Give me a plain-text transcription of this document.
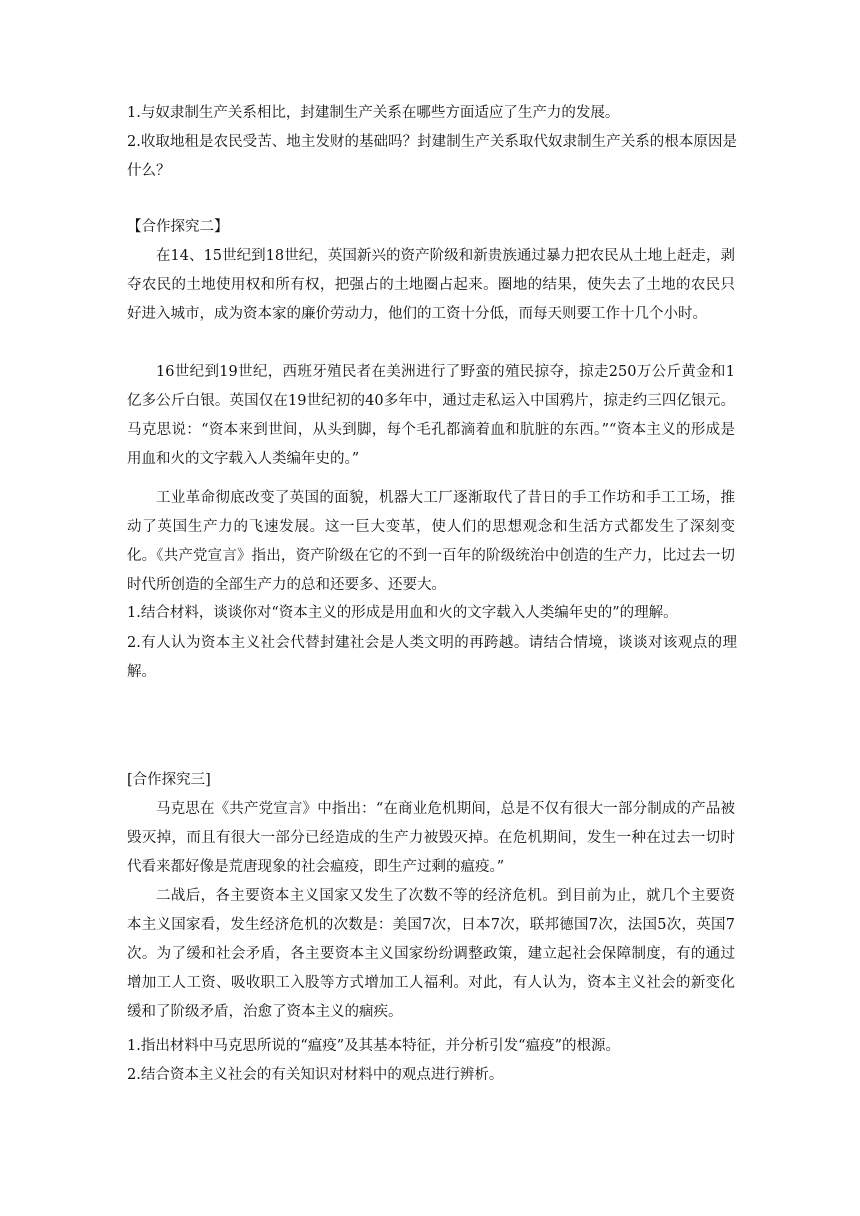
1.与奴隶制生产关系相比，封建制生产关系在哪些方面适应了生产力的发展。
2.收取地租是农民受苦、地主发财的基础吗？封建制生产关系取代奴隶制生产关系的根本原因是什么？
【合作探究二】
在14、15世纪到18世纪，英国新兴的资产阶级和新贵族通过暴力把农民从土地上赶走，剥夺农民的土地使用权和所有权，把强占的土地圈占起来。圈地的结果，使失去了土地的农民只好进入城市，成为资本家的廉价劳动力，他们的工资十分低，而每天则要工作十几个小时。
16世纪到19世纪，西班牙殖民者在美洲进行了野蛮的殖民掠夺，掠走250万公斤黄金和1亿多公斤白银。英国仅在19世纪初的40多年中，通过走私运入中国鸦片，掠走约三四亿银元。马克思说：“资本来到世间，从头到脚，每个毛孔都滴着血和肮脏的东西。”“资本主义的形成是用血和火的文字载入人类编年史的。”
工业革命彻底改变了英国的面貌，机器大工厂逐渐取代了昔日的手工作坊和手工工场，推动了英国生产力的飞速发展。这一巨大变革，使人们的思想观念和生活方式都发生了深刻变化。《共产党宣言》指出，资产阶级在它的不到一百年的阶级统治中创造的生产力，比过去一切时代所创造的全部生产力的总和还要多、还要大。
1.结合材料，谈谈你对“资本主义的形成是用血和火的文字载入人类编年史的”的理解。
2.有人认为资本主义社会代替封建社会是人类文明的再跨越。请结合情境，谈谈对该观点的理解。
[合作探究三]
马克思在《共产党宣言》中指出：“在商业危机期间，总是不仅有很大一部分制成的产品被毁灭掉，而且有很大一部分已经造成的生产力被毁灭掉。在危机期间，发生一种在过去一切时代看来都好像是荒唐现象的社会瘟疫，即生产过剩的瘟疫。”
二战后，各主要资本主义国家又发生了次数不等的经济危机。到目前为止，就几个主要资本主义国家看，发生经济危机的次数是：美国7次，日本7次，联邦德国7次，法国5次，英国7次。为了缓和社会矛盾，各主要资本主义国家纷纷调整政策，建立起社会保障制度，有的通过增加工人工资、吸收职工入股等方式增加工人福利。对此，有人认为，资本主义社会的新变化缓和了阶级矛盾，治愈了资本主义的痼疾。
1.指出材料中马克思所说的“瘟疫”及其基本特征，并分析引发“瘟疫”的根源。
2.结合资本主义社会的有关知识对材料中的观点进行辨析。
